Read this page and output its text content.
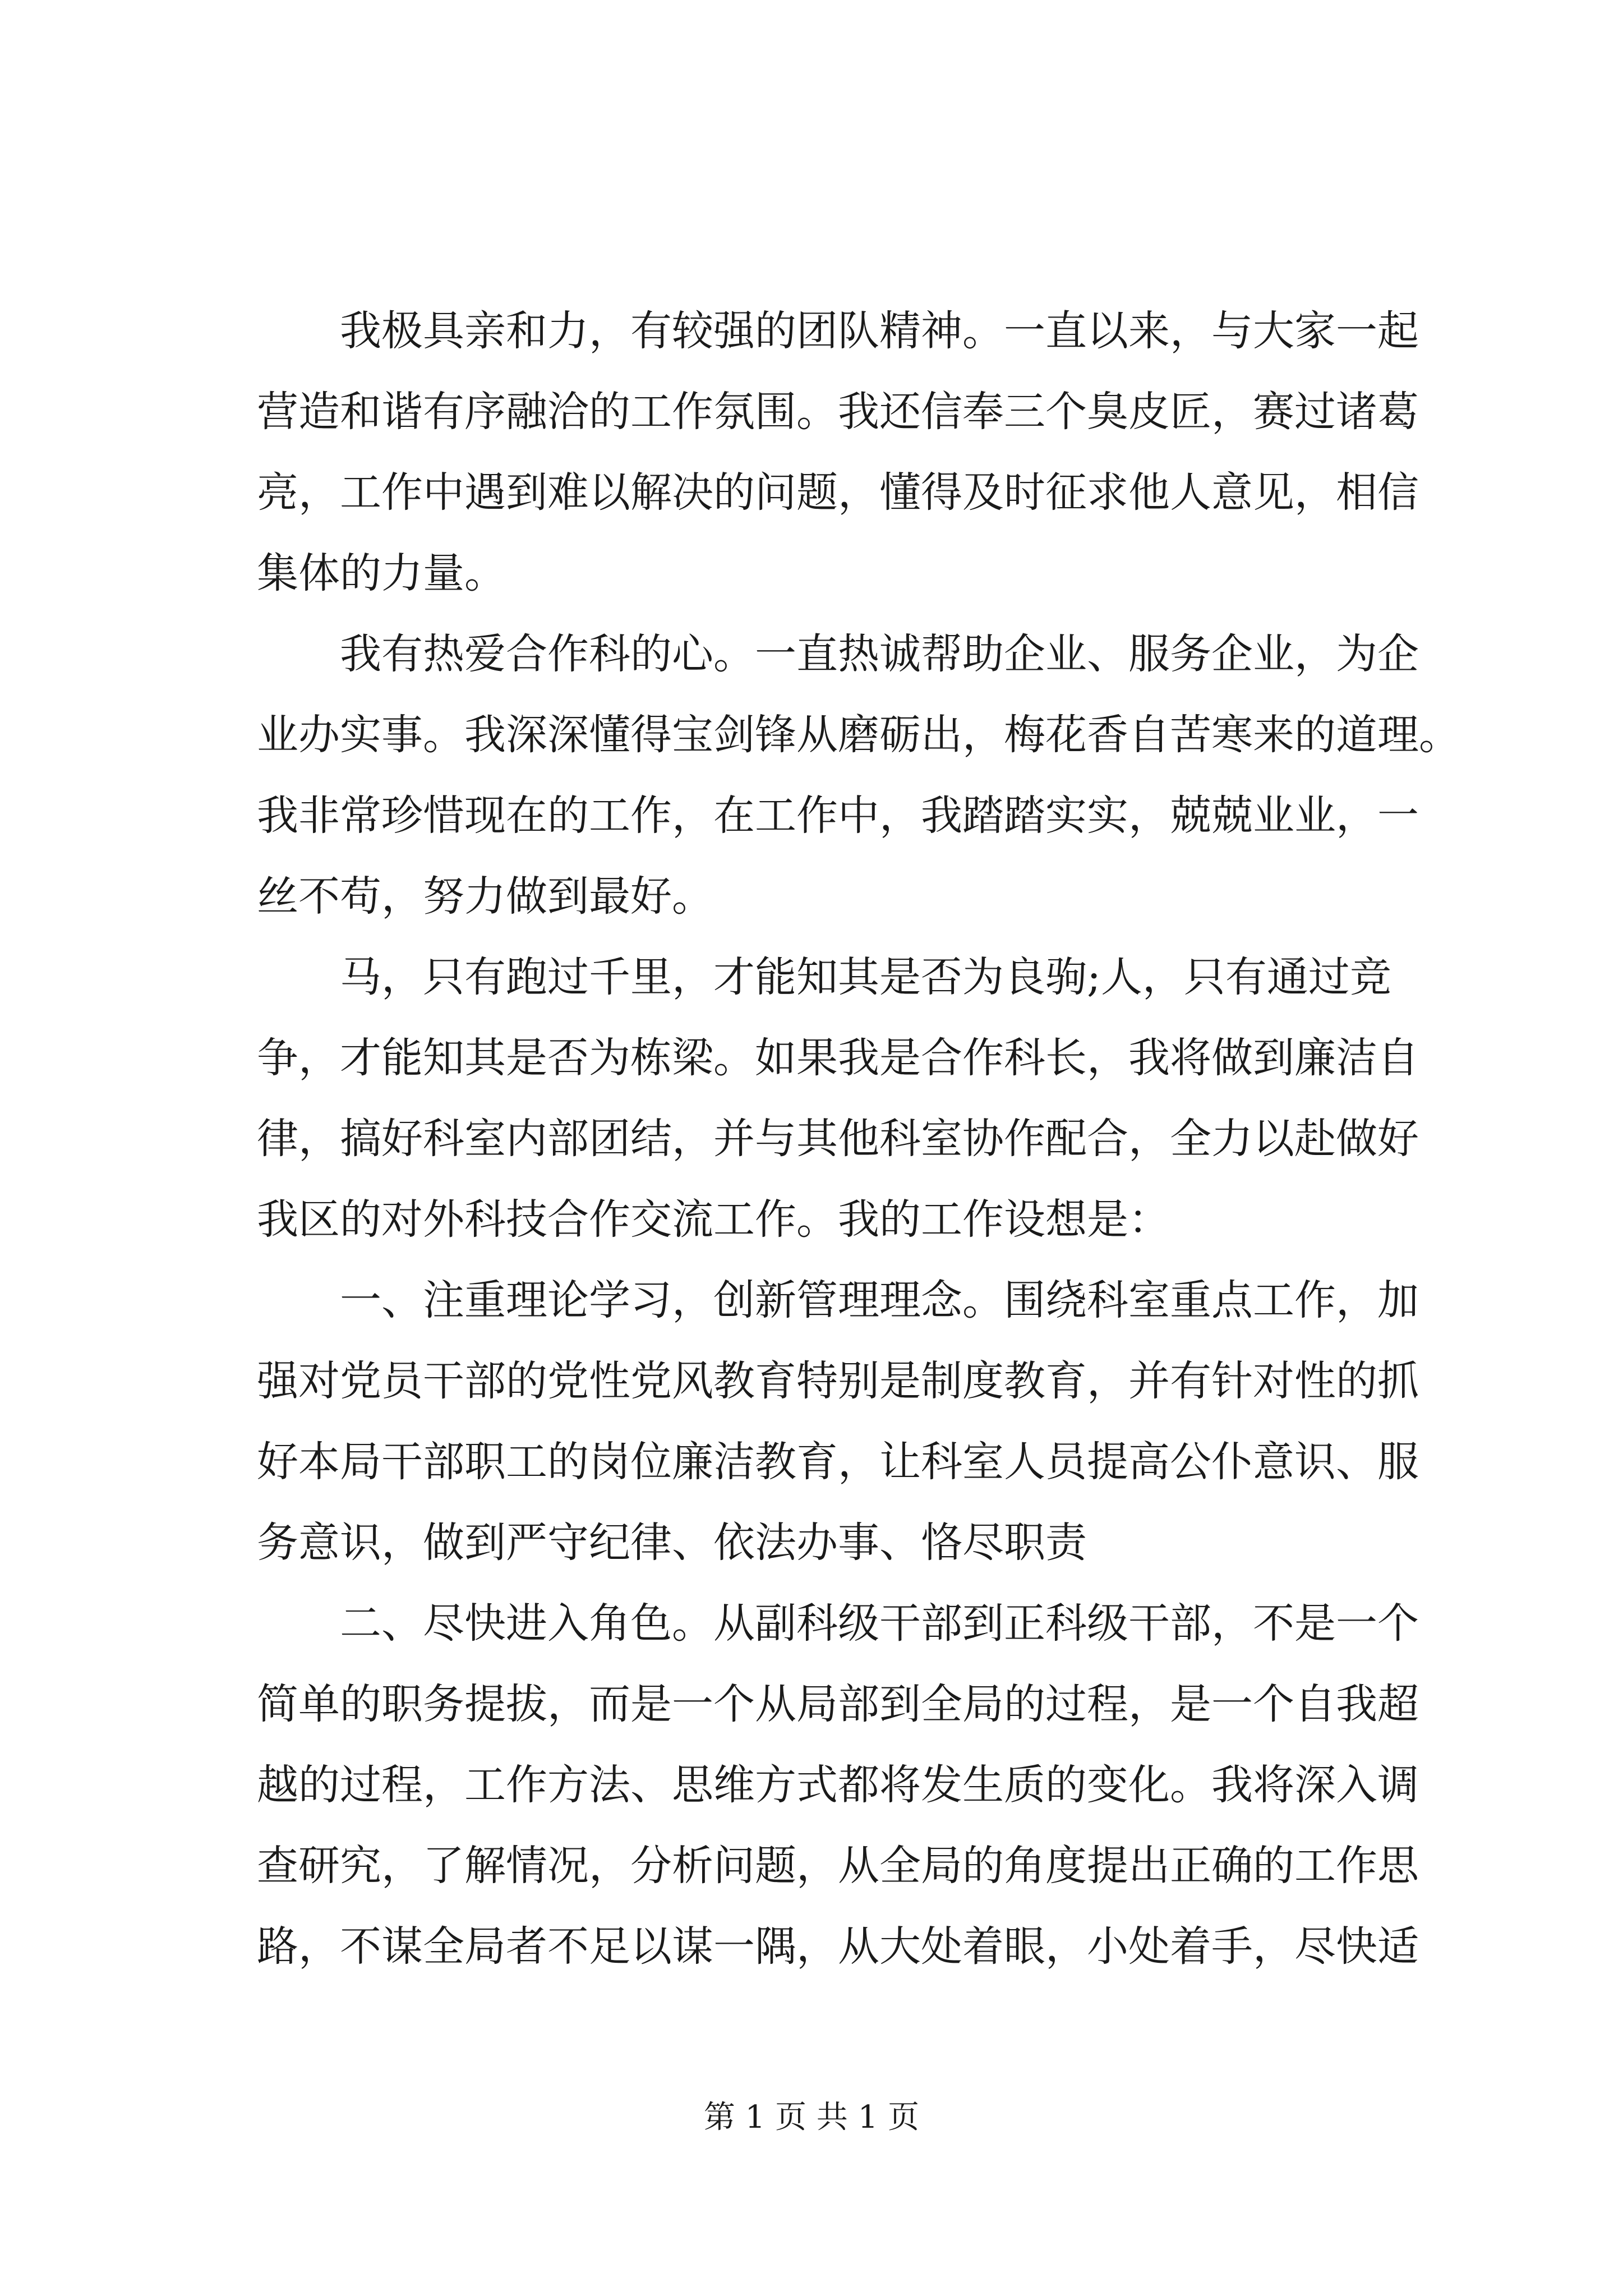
　　我极具亲和力，有较强的团队精神。一直以来，与大家一起
营造和谐有序融洽的工作氛围。我还信奉三个臭皮匠，赛过诸葛
亮，工作中遇到难以解决的问题，懂得及时征求他人意见，相信
集体的力量。
　　我有热爱合作科的心。一直热诚帮助企业、服务企业，为企
业办实事。我深深懂得宝剑锋从磨砺出，梅花香自苦寒来的道理。
我非常珍惜现在的工作，在工作中，我踏踏实实，兢兢业业，一
丝不苟，努力做到最好。
　　马，只有跑过千里，才能知其是否为良驹;人，只有通过竞
争，才能知其是否为栋梁。如果我是合作科长，我将做到廉洁自
律，搞好科室内部团结，并与其他科室协作配合，全力以赴做好
我区的对外科技合作交流工作。我的工作设想是：
　　一、注重理论学习，创新管理理念。围绕科室重点工作，加
强对党员干部的党性党风教育特别是制度教育，并有针对性的抓
好本局干部职工的岗位廉洁教育，让科室人员提高公仆意识、服
务意识，做到严守纪律、依法办事、恪尽职责
　　二、尽快进入角色。从副科级干部到正科级干部，不是一个
简单的职务提拔，而是一个从局部到全局的过程，是一个自我超
越的过程，工作方法、思维方式都将发生质的变化。我将深入调
查研究，了解情况，分析问题，从全局的角度提出正确的工作思
路，不谋全局者不足以谋一隅，从大处着眼，小处着手，尽快适
第 1 页 共 1 页
